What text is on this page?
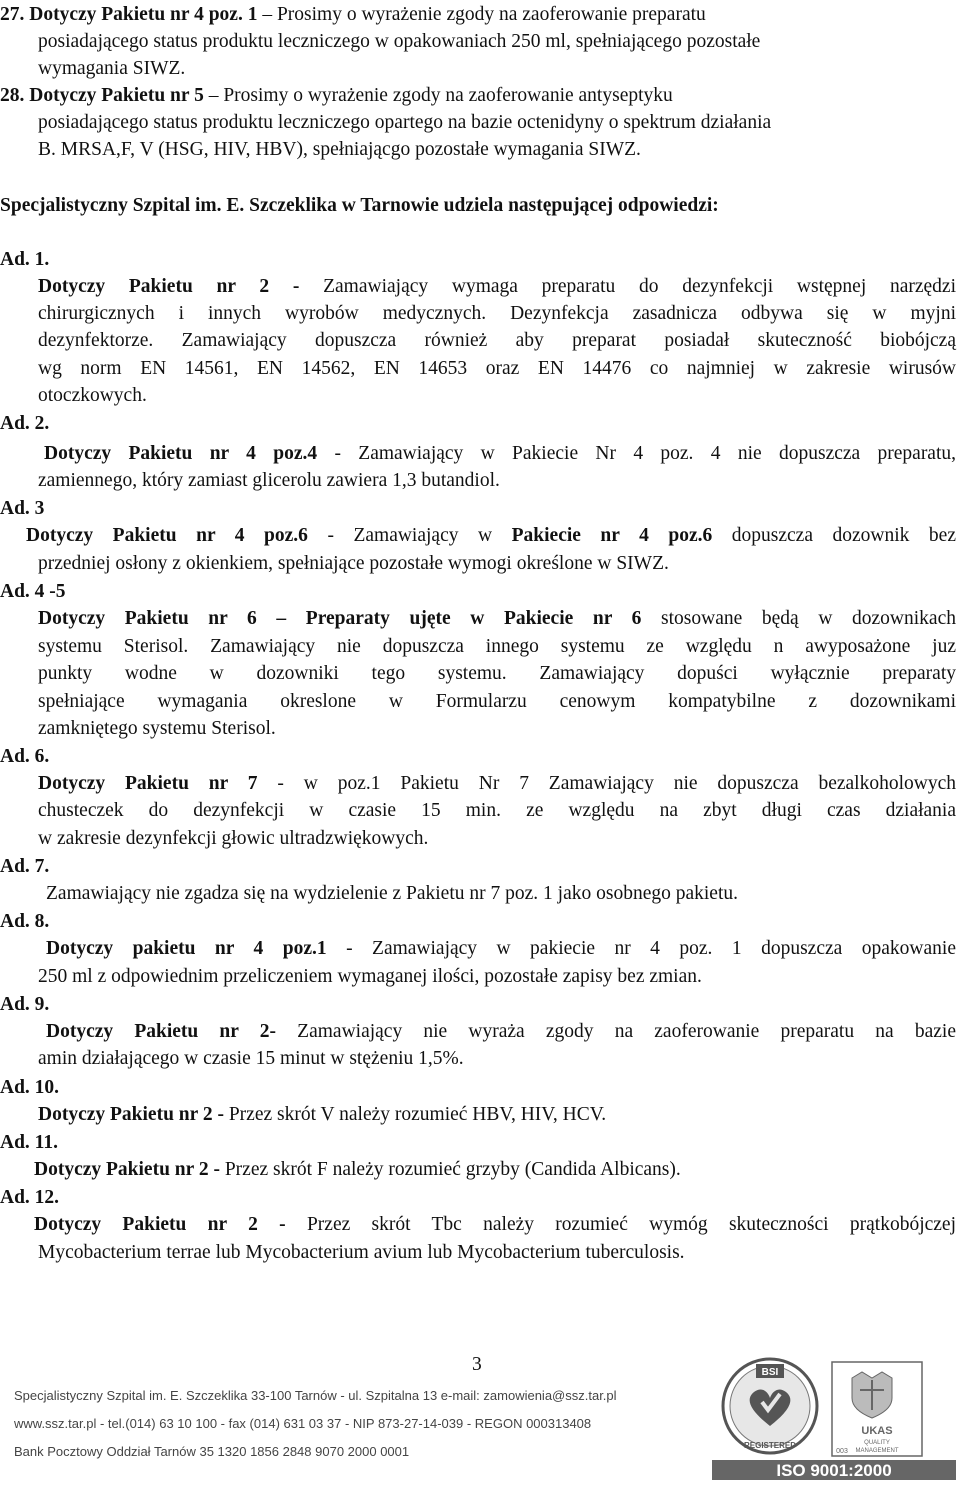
27. Dotyczy Pakietu nr 4 poz. 1 – Prosimy o wyrażenie zgody na zaoferowanie preparatu
posiadającego status produktu leczniczego w opakowaniach 250 ml, spełniającego pozostałe
wymagania SIWZ.
28. Dotyczy Pakietu nr 5 – Prosimy o wyrażenie zgody na zaoferowanie antyseptyku
posiadającego status produktu leczniczego opartego na bazie octenidyny o spektrum działania
B. MRSA,F, V (HSG, HIV, HBV), spełniającgo pozostałe wymagania SIWZ.
Specjalistyczny Szpital im. E. Szczeklika w Tarnowie udziela następującej odpowiedzi:
Ad. 1.
Dotyczy Pakietu nr 2 - Zamawiający wymaga preparatu do dezynfekcji wstępnej narzędzi
chirurgicznych i innych wyrobów medycznych. Dezynfekcja zasadnicza odbywa się w myjni
dezynfektorze. Zamawiający dopuszcza również aby preparat posiadał skuteczność biobójczą
wg norm EN 14561, EN 14562, EN 14653 oraz EN 14476 co najmniej w zakresie wirusów
otoczkowych.
Ad. 2.
Dotyczy Pakietu nr 4 poz.4 - Zamawiający w Pakiecie Nr 4 poz. 4 nie dopuszcza preparatu,
zamiennego, który zamiast glicerolu zawiera 1,3 butandiol.
Ad. 3
Dotyczy Pakietu nr 4 poz.6 - Zamawiający w Pakiecie nr 4 poz.6 dopuszcza dozownik bez
przedniej osłony z okienkiem, spełniające pozostałe wymogi określone w SIWZ.
Ad. 4 -5
Dotyczy Pakietu nr 6 – Preparaty ujęte w Pakiecie nr 6 stosowane będą w dozownikach
systemu Sterisol. Zamawiający nie dopuszcza innego systemu ze względu n awyposażone juz
punkty wodne w dozowniki tego systemu. Zamawiający dopuści wyłącznie preparaty
spełniające wymagania okreslone w Formularzu cenowym kompatybilne z dozownikami
zamkniętego systemu Sterisol.
Ad. 6.
Dotyczy Pakietu nr 7 - w poz.1 Pakietu Nr 7 Zamawiający nie dopuszcza bezalkoholowych
chusteczek do dezynfekcji w czasie 15 min. ze względu na zbyt długi czas działania
w zakresie dezynfekcji głowic ultradzwiękowych.
Ad. 7.
Zamawiający nie zgadza się na wydzielenie z Pakietu nr 7 poz. 1 jako osobnego pakietu.
Ad. 8.
Dotyczy pakietu nr 4 poz.1 - Zamawiający w pakiecie nr 4 poz. 1 dopuszcza opakowanie
250 ml z odpowiednim przeliczeniem wymaganej ilości, pozostałe zapisy bez zmian.
Ad. 9.
Dotyczy Pakietu nr 2- Zamawiający nie wyraża zgody na zaoferowanie preparatu na bazie
amin działającego w czasie 15 minut w stężeniu 1,5%.
Ad. 10.
Dotyczy Pakietu nr 2 - Przez skrót V należy rozumieć HBV, HIV, HCV.
Ad. 11.
Dotyczy Pakietu nr 2 - Przez skrót F należy rozumieć grzyby (Candida Albicans).
Ad. 12.
Dotyczy Pakietu nr 2 - Przez skrót Tbc należy rozumieć wymóg skuteczności prątkobójczej
Mycobacterium terrae lub Mycobacterium avium lub Mycobacterium tuberculosis.
3
Specjalistyczny Szpital im. E. Szczeklika 33-100 Tarnów - ul. Szpitalna 13 e-mail: zamowienia@ssz.tar.pl
www.ssz.tar.pl - tel.(014) 63 10 100 - fax (014) 631 03 37 - NIP 873-27-14-039 - REGON 000313408
Bank Pocztowy Oddział Tarnów 35 1320 1856 2848 9070 2000 0001
BSI
REGISTERED
UKAS
QUALITY
MANAGEMENT
003
ISO 9001:2000
